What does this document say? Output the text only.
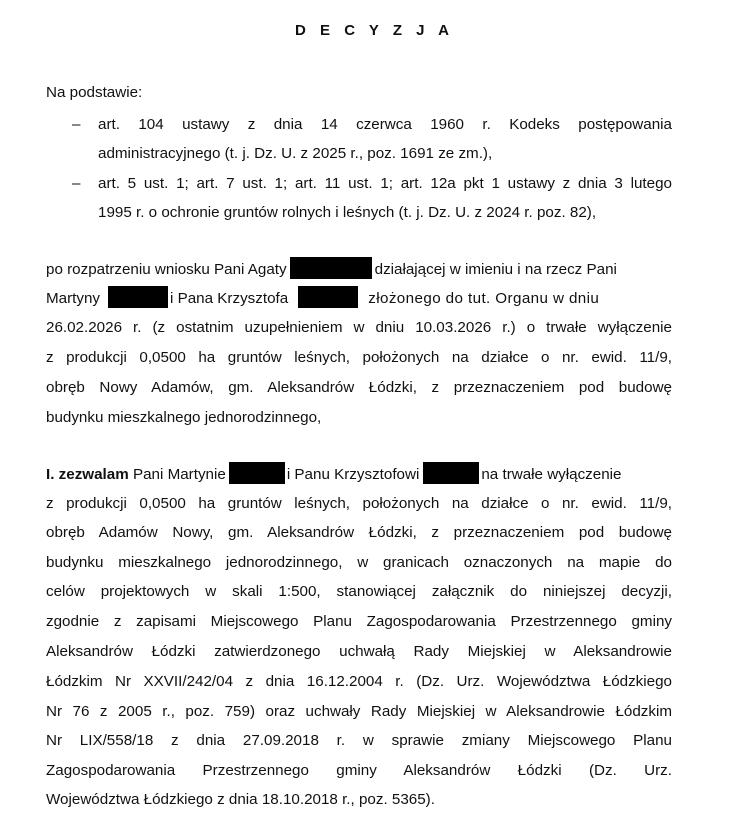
D E C Y Z J A
Na podstawie:
– art. 104 ustawy z dnia 14 czerwca 1960 r. Kodeks postępowania
administracyjnego (t. j. Dz. U. z 2025 r., poz. 1691 ze zm.),
– art. 5 ust. 1; art. 7 ust. 1; art. 11 ust. 1; art. 12a pkt 1 ustawy z dnia 3 lutego
1995 r. o ochronie gruntów rolnych i leśnych (t. j. Dz. U. z 2024 r. poz. 82),
po rozpatrzeniu wniosku Pani Agaty	działającej w imieniu i na rzecz Pani
Martyny	i Pana Krzysztofa	złożonego do tut. Organu w dniu
26.02.2026 r. (z ostatnim uzupełnieniem w dniu 10.03.2026 r.) o trwałe wyłączenie
z produkcji 0,0500 ha gruntów leśnych, położonych na działce o nr. ewid. 11/9,
obręb Nowy Adamów, gm. Aleksandrów Łódzki, z przeznaczeniem pod budowę
budynku mieszkalnego jednorodzinnego,
I. zezwalam Pani Martynie	i Panu Krzysztofowi	na trwałe wyłączenie
z produkcji 0,0500 ha gruntów leśnych, położonych na działce o nr. ewid. 11/9,
obręb Adamów Nowy, gm. Aleksandrów Łódzki, z przeznaczeniem pod budowę
budynku mieszkalnego jednorodzinnego, w granicach oznaczonych na mapie do
celów projektowych w skali 1:500, stanowiącej załącznik do niniejszej decyzji,
zgodnie z zapisami Miejscowego Planu Zagospodarowania Przestrzennego gminy
Aleksandrów Łódzki zatwierdzonego uchwałą Rady Miejskiej w Aleksandrowie
Łódzkim Nr XXVII/242/04 z dnia 16.12.2004 r. (Dz. Urz. Województwa Łódzkiego
Nr 76 z 2005 r., poz. 759) oraz uchwały Rady Miejskiej w Aleksandrowie Łódzkim
Nr LIX/558/18 z dnia 27.09.2018 r. w sprawie zmiany Miejscowego Planu
Zagospodarowania Przestrzennego gminy Aleksandrów Łódzki (Dz. Urz.
Województwa Łódzkiego z dnia 18.10.2018 r., poz. 5365).
